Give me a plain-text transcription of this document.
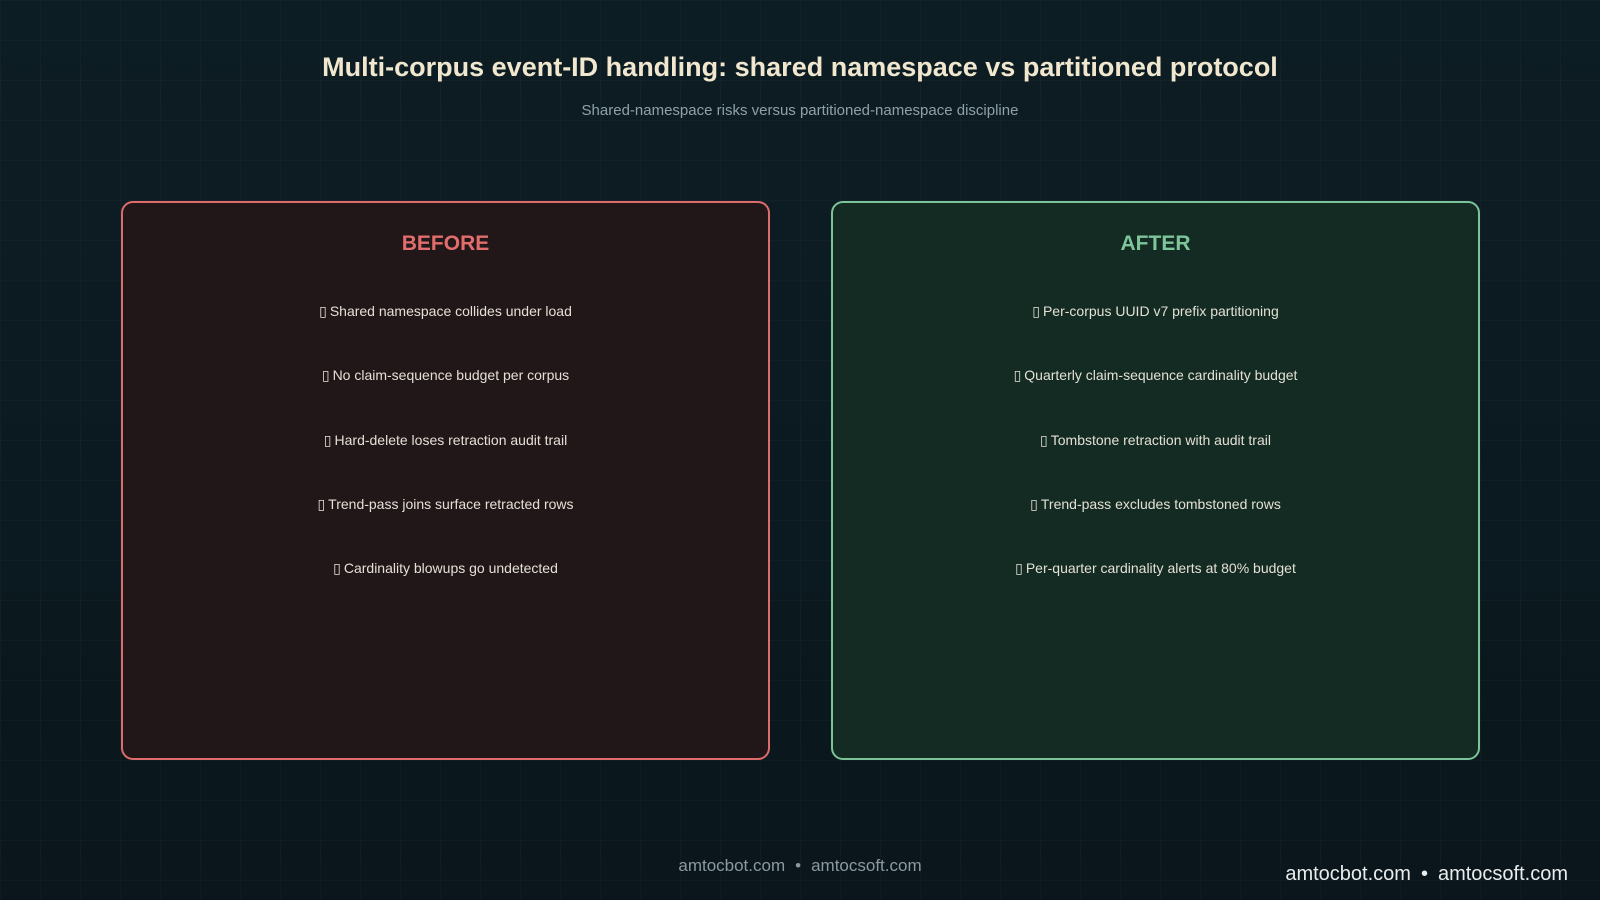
Multi-corpus event-ID handling: shared namespace vs partitioned protocol
Shared-namespace risks versus partitioned-namespace discipline
BEFORE
▯ Shared namespace collides under load
▯ No claim-sequence budget per corpus
▯ Hard-delete loses retraction audit trail
▯ Trend-pass joins surface retracted rows
▯ Cardinality blowups go undetected
AFTER
▯ Per-corpus UUID v7 prefix partitioning
▯ Quarterly claim-sequence cardinality budget
▯ Tombstone retraction with audit trail
▯ Trend-pass excludes tombstoned rows
▯ Per-quarter cardinality alerts at 80% budget
amtocbot.com • amtocsoft.com	amtocbot.com • amtocsoft.com
